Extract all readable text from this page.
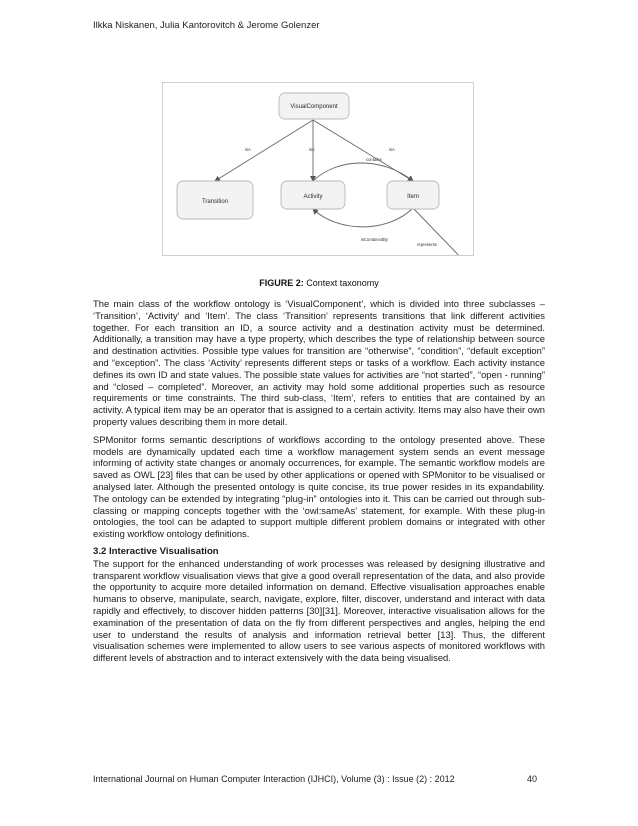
Ilkka Niskanen, Julia Kantorovitch & Jerome Golenzer
VisualComponent
Transition
Activity	Item
isA	isA	isA
contains
isContainedBy
represents
FIGURE 2: Context taxonomy

The main class of the workflow ontology is ‘VisualComponent’, which is divided into three subclasses – ‘Transition’, ‘Activity’ and ‘Item’. The class ‘Transition’ represents transitions that link different activities together. For each transition an ID, a source activity and a destination activity must be determined. Additionally, a transition may have a type property, which describes the type of relationship between source and destination activities. Possible type values for transition are “otherwise”, “condition”, “default exception” and “exception”. The class ‘Activity’ represents different steps or tasks of a workflow. Each activity instance defines its own ID and state values. The possible state values for activities are “not started”, “open - running” and “closed – completed”. Moreover, an activity may hold some additional properties such as resource requirements or time constraints. The third sub-class, ‘Item’, refers to entities that are contained by an activity. A typical item may be an operator that is assigned to a certain activity. Items may also have their own property values describing them in more detail.

SPMonitor forms semantic descriptions of workflows according to the ontology presented above. These models are dynamically updated each time a workflow management system sends an event message informing of activity state changes or anomaly occurrences, for example. The semantic workflow models are saved as OWL [23] files that can be used by other applications or opened with SPMonitor to be visualised or analysed later. Although the presented ontology is quite concise, its true power resides in its expandability. The ontology can be extended by integrating “plug-in” ontologies into it. This can be carried out through sub-classing or mapping concepts together with the ‘owl:sameAs’ statement, for example. With these plug-in ontologies, the tool can be adapted to support multiple different problem domains or integrated with other existing workflow ontology definitions.

3.2 Interactive Visualisation

The support for the enhanced understanding of work processes was released by designing illustrative and transparent workflow visualisation views that give a good overall representation of the data, and also provide the opportunity to acquire more detailed information on demand. Effective visualisation approaches enable humans to observe, manipulate, search, navigate, explore, filter, discover, understand and interact with data rapidly and effectively, to discover hidden patterns [30][31]. Moreover, interactive visualisation allows for the examination of the presentation of data on the fly from different perspectives and angles, helping the end user to understand the results of analysis and information retrieval better [13]. Thus, the different visualisation schemes were implemented to allow users to see various aspects of monitored workflows with different levels of abstraction and to interact extensively with the data being visualised.

International Journal on Human Computer Interaction (IJHCI), Volume (3) : Issue (2) : 2012	40
